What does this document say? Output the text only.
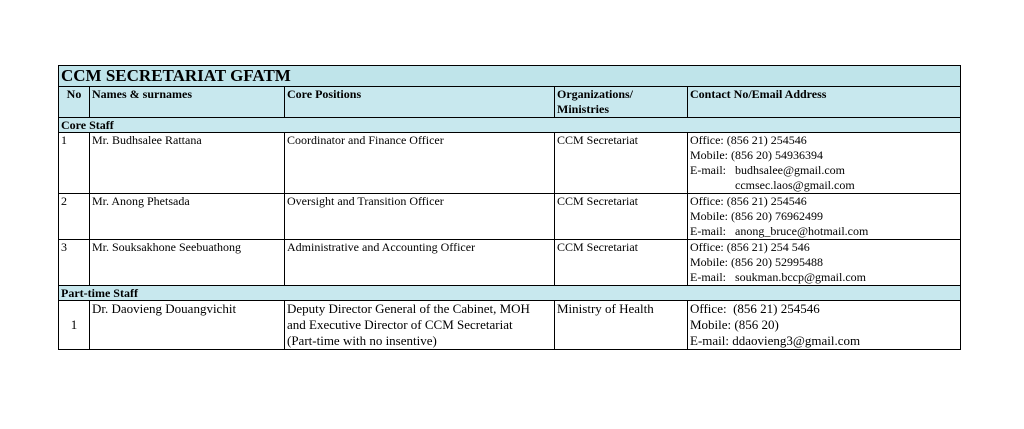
CCM SECRETARIAT GFATM				
No	Names & surnames	Core Positions	Organizations/
Ministries	Contact No/Email Address
Core Staff				
1	Mr. Budhsalee Rattana	Coordinator and Finance Officer	CCM Secretariat	Office: (856 21) 254546
Mobile: (856 20) 54936394
E-mail:   budhsalee@gmail.com
ccmsec.laos@gmail.com

2	Mr. Anong Phetsada	Oversight and Transition Officer	CCM Secretariat	Office: (856 21) 254546
Mobile: (856 20) 76962499
E-mail:   anong_bruce@hotmail.com

3	Mr. Souksakhone Seebuathong	Administrative and Accounting Officer	CCM Secretariat	Office: (856 21) 254 546
Mobile: (856 20) 52995488
E-mail:   soukman.bccp@gmail.com

Part-time Staff				
1	Dr. Daovieng Douangvichit	Deputy Director General of the Cabinet, MOH
and Executive Director of CCM Secretariat
(Part-time with no insentive)	Ministry of Health	Office:  (856 21) 254546
Mobile: (856 20)
E-mail: ddaovieng3@gmail.com
